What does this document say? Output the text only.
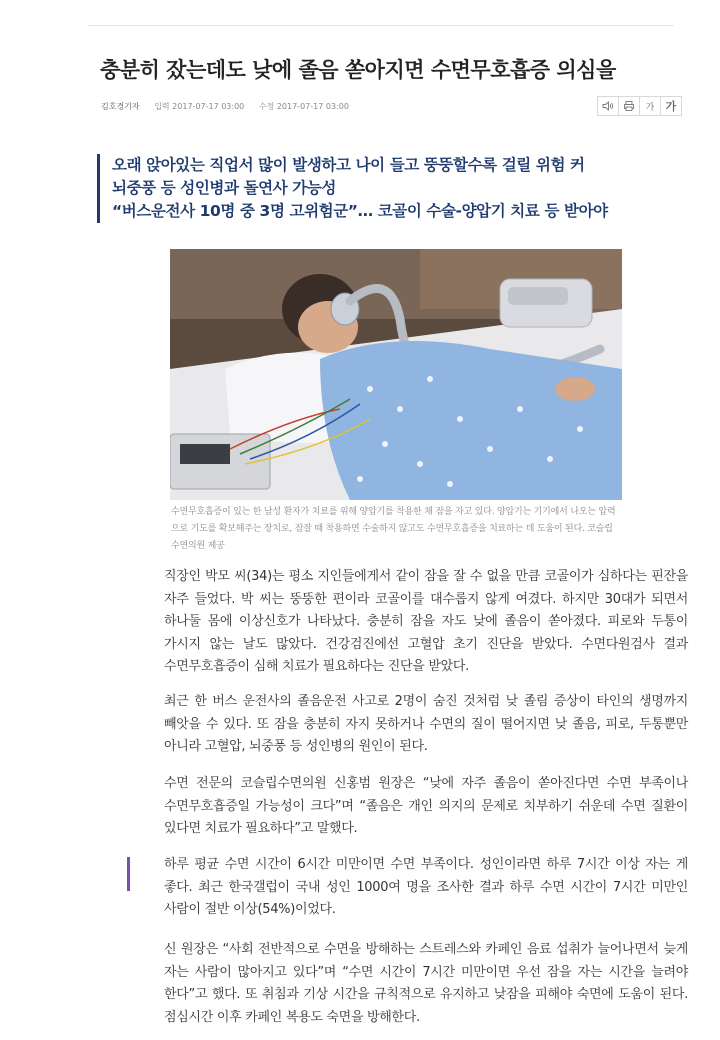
충분히 잤는데도 낮에 졸음 쏟아지면 수면무호흡증 의심을
김호경기자 입력 2017-07-17 03:00 수정 2017-07-17 03:00	가	가

오래 앉아있는 직업서 많이 발생하고 나이 들고 뚱뚱할수록 걸릴 위험 커

뇌중풍 등 성인병과 돌연사 가능성

“버스운전사 10명 중 3명 고위험군”… 코골이 수술-양압기 치료 등 받아야

수면무호흡증이 있는 한 남성 환자가 치료를 위해 양압기를 착용한 채 잠을 자고 있다. 양압기는 기기에서 나오는 압력으로 기도를 확보해주는 장치로, 잠잘 때 착용하면 수술하지 않고도 수면무호흡증을 치료하는 데 도움이 된다. 코슬립수면의원 제공

직장인 박모 씨(34)는 평소 지인들에게서 같이 잠을 잘 수 없을 만큼 코골이가 심하다는 핀잔을 자주 들었다. 박 씨는 뚱뚱한 편이라 코골이를 대수롭지 않게 여겼다. 하지만 30대가 되면서 하나둘 몸에 이상신호가 나타났다. 충분히 잠을 자도 낮에 졸음이 쏟아졌다. 피로와 두통이 가시지 않는 날도 많았다. 건강검진에선 고혈압 초기 진단을 받았다. 수면다원검사 결과 수면무호흡증이 심해 치료가 필요하다는 진단을 받았다.

최근 한 버스 운전사의 졸음운전 사고로 2명이 숨진 것처럼 낮 졸림 증상이 타인의 생명까지 빼앗을 수 있다. 또 잠을 충분히 자지 못하거나 수면의 질이 떨어지면 낮 졸음, 피로, 두통뿐만 아니라 고혈압, 뇌중풍 등 성인병의 원인이 된다.

수면 전문의 코슬립수면의원 신홍범 원장은 “낮에 자주 졸음이 쏟아진다면 수면 부족이나 수면무호흡증일 가능성이 크다”며 “졸음은 개인 의지의 문제로 치부하기 쉬운데 수면 질환이 있다면 치료가 필요하다”고 말했다.

하루 평균 수면 시간이 6시간 미만이면 수면 부족이다. 성인이라면 하루 7시간 이상 자는 게 좋다. 최근 한국갤럽이 국내 성인 1000여 명을 조사한 결과 하루 수면 시간이 7시간 미만인 사람이 절반 이상(54%)이었다.

신 원장은 “사회 전반적으로 수면을 방해하는 스트레스와 카페인 음료 섭취가 늘어나면서 늦게 자는 사람이 많아지고 있다”며 “수면 시간이 7시간 미만이면 우선 잠을 자는 시간을 늘려야 한다”고 했다. 또 취침과 기상 시간을 규칙적으로 유지하고 낮잠을 피해야 숙면에 도움이 된다. 점심시간 이후 카페인 복용도 숙면을 방해한다.
